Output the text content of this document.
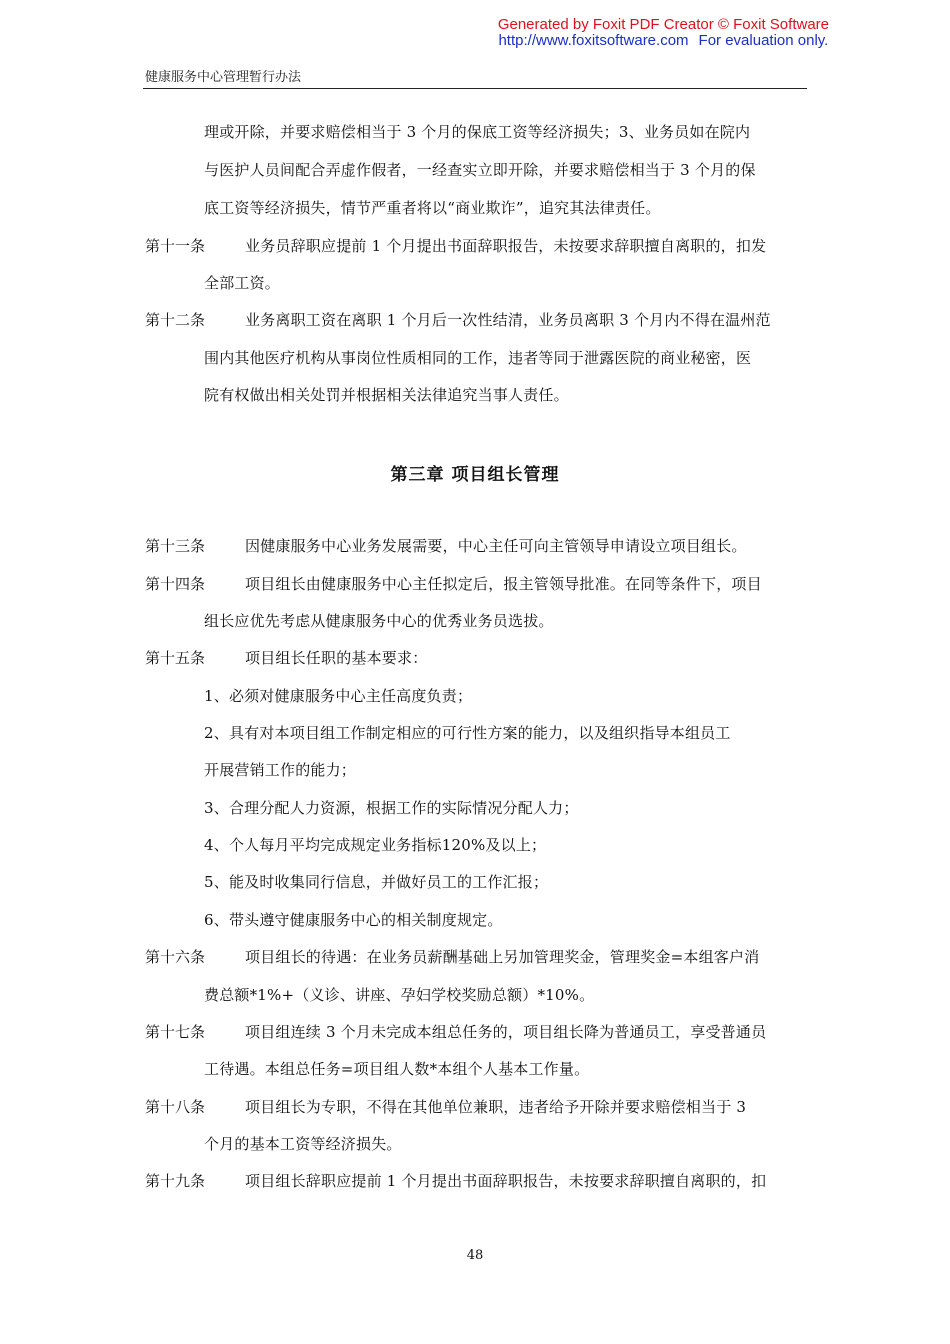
Generated by Foxit PDF Creator © Foxit Software
http://www.foxitsoftware.com For evaluation only.
健康服务中心管理暂行办法
理或开除，并要求赔偿相当于 3 个月的保底工资等经济损失；3、业务员如在院内
与医护人员间配合弄虚作假者，一经查实立即开除，并要求赔偿相当于 3 个月的保
底工资等经济损失，情节严重者将以“商业欺诈”，追究其法律责任。
第十一条	业务员辞职应提前 1 个月提出书面辞职报告，未按要求辞职擅自离职的，扣发
全部工资。
第十二条	业务离职工资在离职 1 个月后一次性结清，业务员离职 3 个月内不得在温州范
围内其他医疗机构从事岗位性质相同的工作，违者等同于泄露医院的商业秘密，医
院有权做出相关处罚并根据相关法律追究当事人责任。
第三章 项目组长管理
第十三条	因健康服务中心业务发展需要，中心主任可向主管领导申请设立项目组长。
第十四条	项目组长由健康服务中心主任拟定后，报主管领导批准。在同等条件下，项目
组长应优先考虑从健康服务中心的优秀业务员选拔。
第十五条	项目组长任职的基本要求：
1、必须对健康服务中心主任高度负责；
2、具有对本项目组工作制定相应的可行性方案的能力，以及组织指导本组员工
开展营销工作的能力；
3、合理分配人力资源，根据工作的实际情况分配人力；
4、个人每月平均完成规定业务指标120%及以上；
5、能及时收集同行信息，并做好员工的工作汇报；
6、带头遵守健康服务中心的相关制度规定。
第十六条	项目组长的待遇：在业务员薪酬基础上另加管理奖金，管理奖金=本组客户消
费总额*1%+（义诊、讲座、孕妇学校奖励总额）*10%。
第十七条	项目组连续 3 个月未完成本组总任务的，项目组长降为普通员工，享受普通员
工待遇。本组总任务=项目组人数*本组个人基本工作量。
第十八条	项目组长为专职，不得在其他单位兼职，违者给予开除并要求赔偿相当于 3
个月的基本工资等经济损失。
第十九条	项目组长辞职应提前 1 个月提出书面辞职报告，未按要求辞职擅自离职的，扣
48
